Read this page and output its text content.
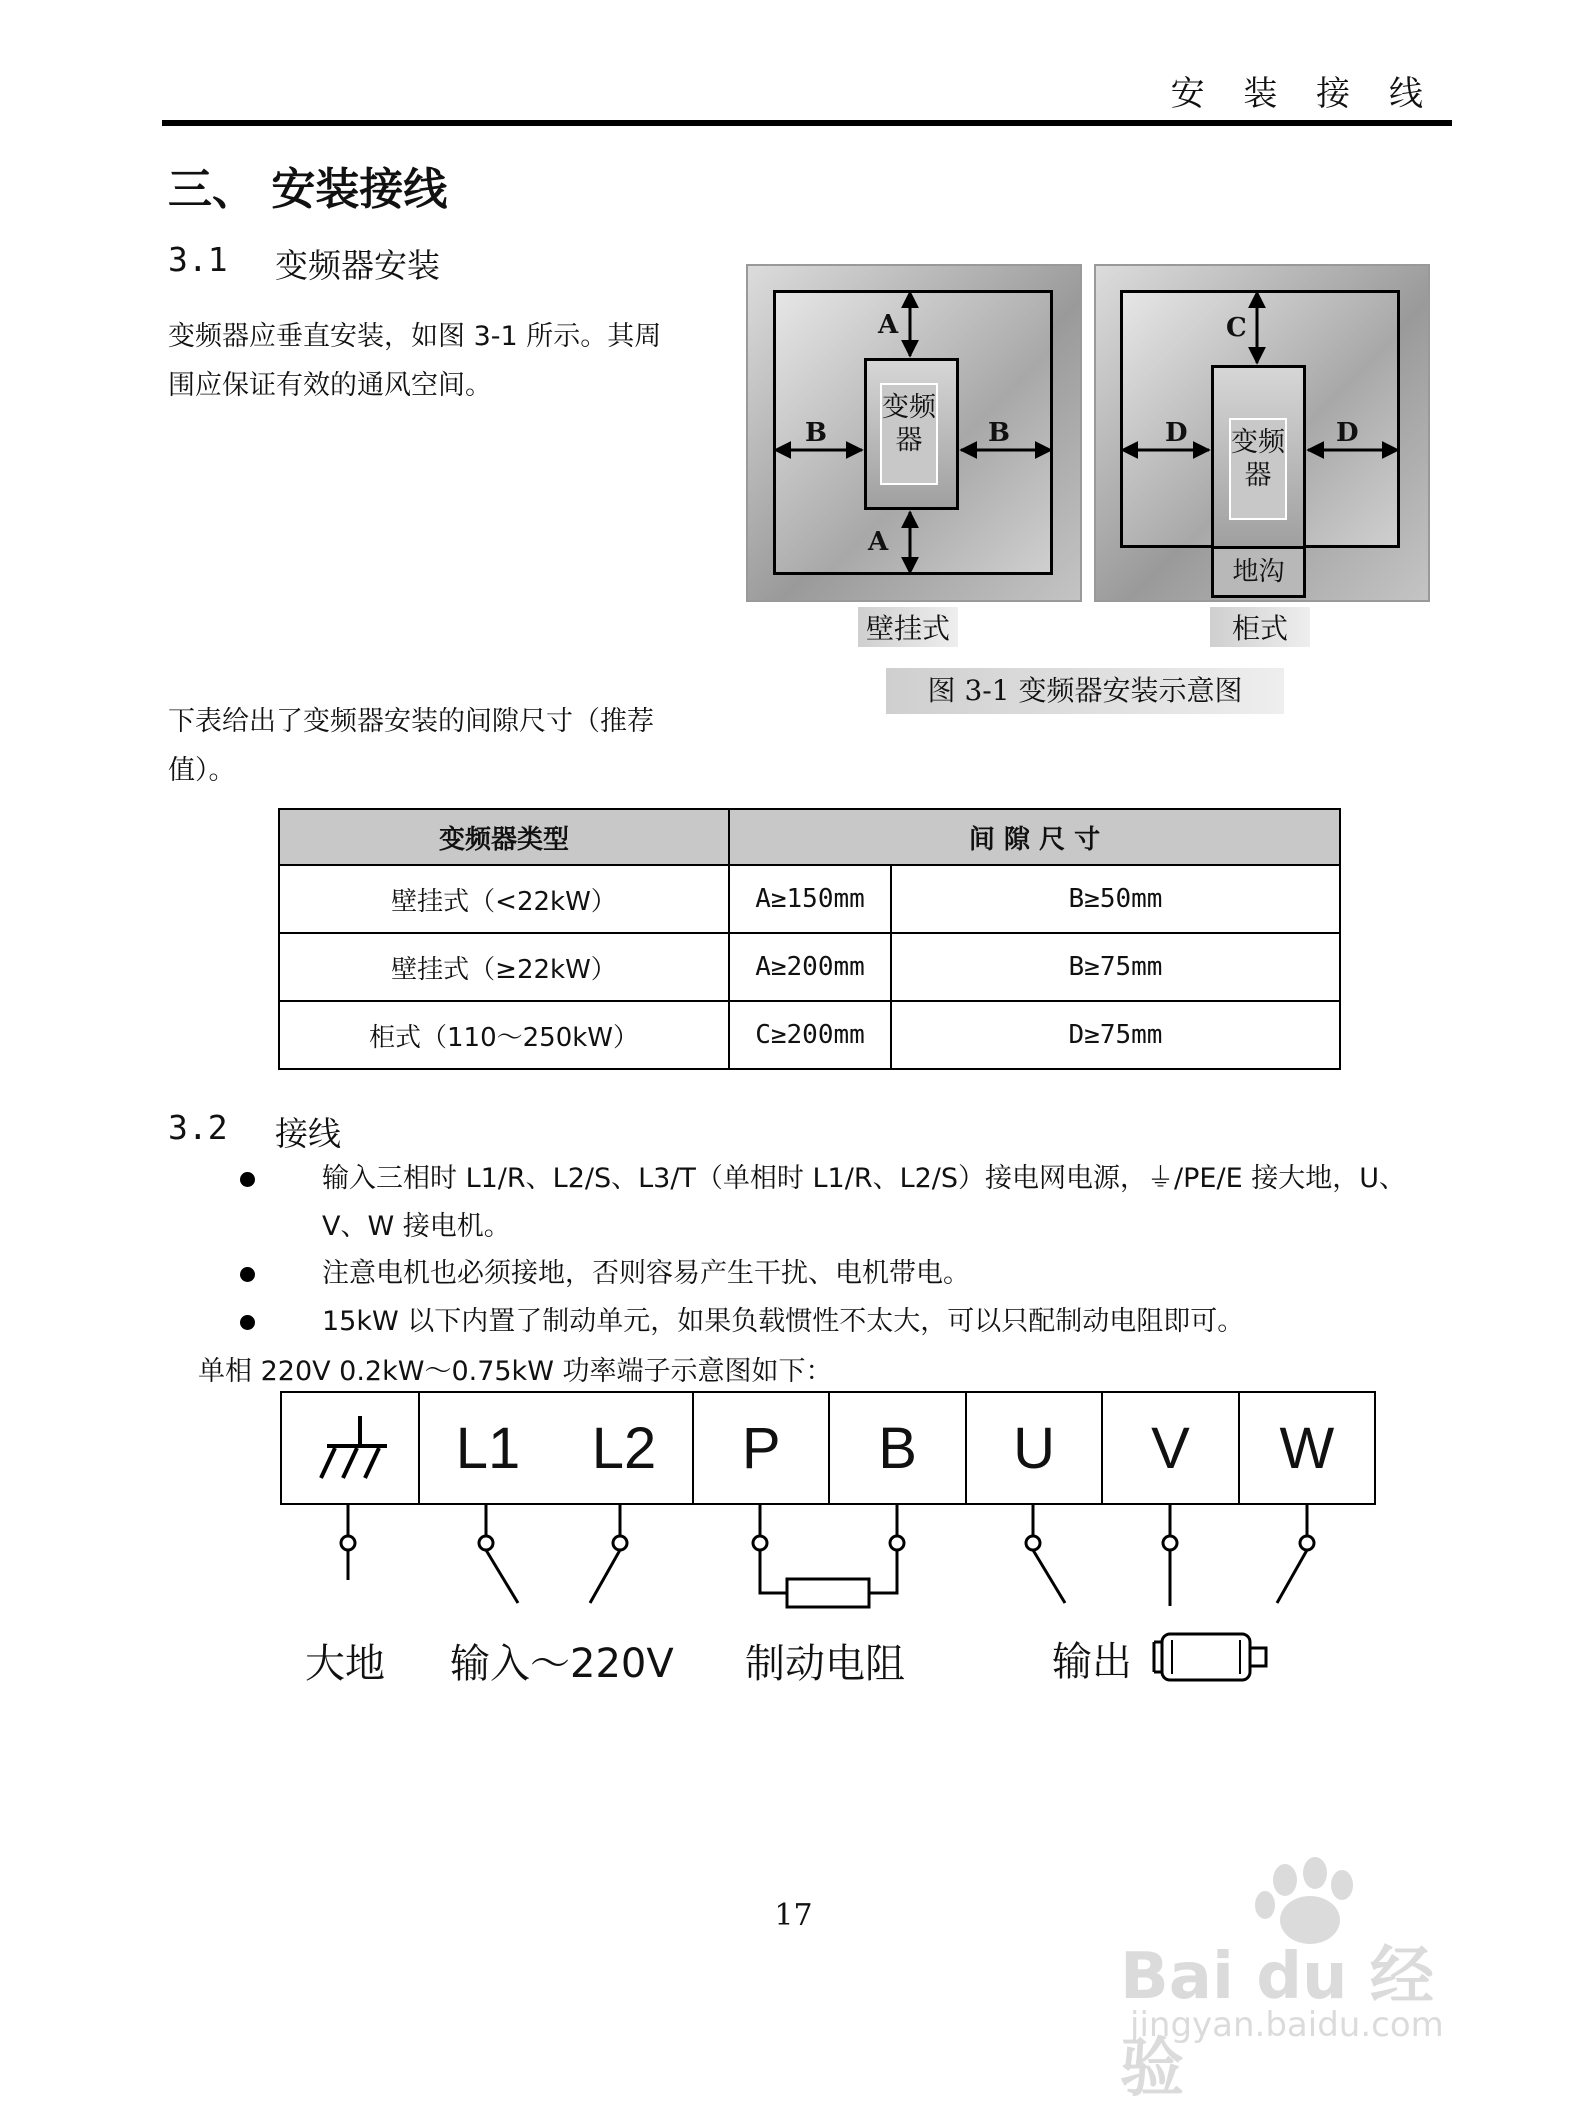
安 装 接 线
三、 安装接线
3.1 变频器安装
变频器应垂直安装，如图 3-1 所示。其周
围应保证有效的通风空间。
变频器
A
A
B	B
壁挂式
变频器
地沟
C
D	D
柜式
图 3-1 变频器安装示意图
下表给出了变频器安装的间隙尺寸（推荐
值）。
变频器类型	间 隙 尺 寸	
壁挂式（<22kW）	A≥150mm	B≥50mm
壁挂式（≥22kW）	A≥200mm	B≥75mm
柜式（110～250kW）	C≥200mm	D≥75mm
3.2 接线
输入三相时 L1/R、L2/S、L3/T（单相时 L1/R、L2/S）接电网电源，⏚/PE/E 接大地，U、
V、W 接电机。
注意电机也必须接地，否则容易产生干扰、电机带电。
15kW 以下内置了制动单元，如果负载惯性不太大，可以只配制动电阻即可。
单相 220V 0.2kW～0.75kW 功率端子示意图如下：
L1	L2	P	B	U	V	W
大地 输入～220V 制动电阻	输出
17
Bai du 经验
jingyan.baidu.com
